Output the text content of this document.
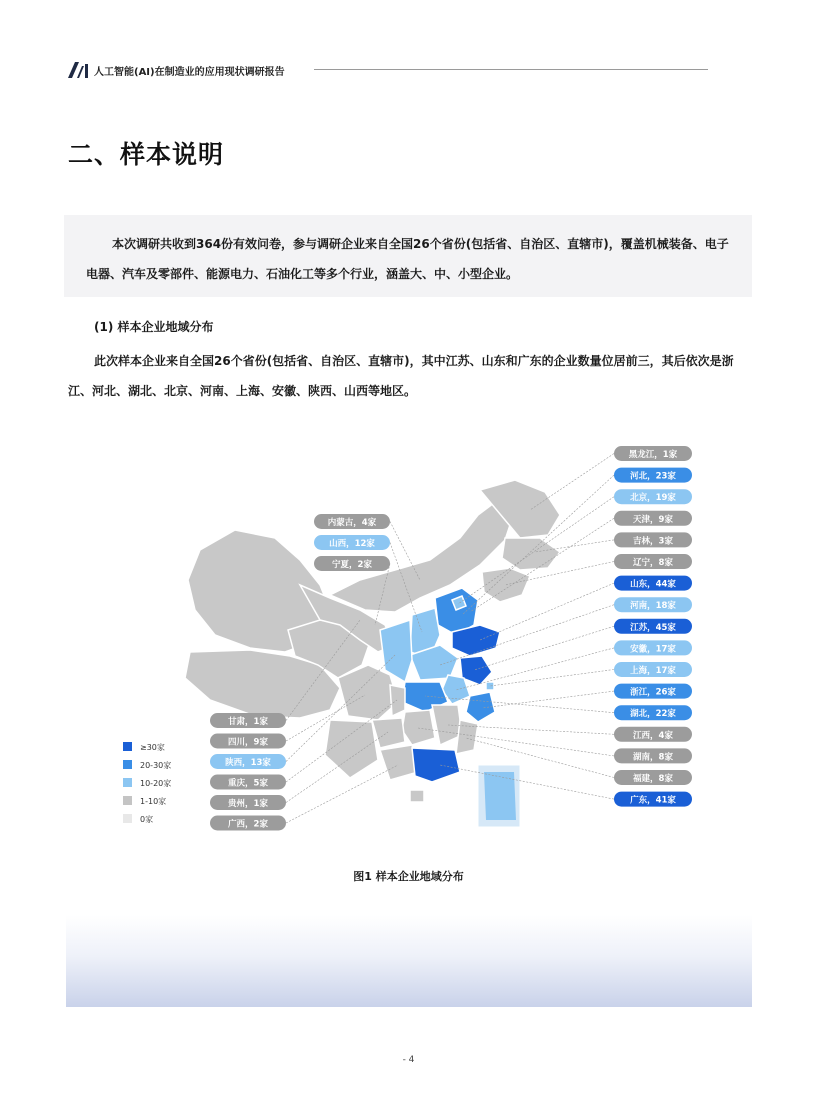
人工智能(AI)在制造业的应用现状调研报告
二、样本说明

本次调研共收到364份有效问卷，参与调研企业来自全国26个省份(包括省、自治区、直辖市)，覆盖机械装备、电子电器、汽车及零部件、能源电力、石油化工等多个行业，涵盖大、中、小型企业。

(1) 样本企业地域分布

此次样本企业来自全国26个省份(包括省、自治区、直辖市)，其中江苏、山东和广东的企业数量位居前三，其后依次是浙江、河北、湖北、北京、河南、上海、安徽、陕西、山西等地区。

黑龙江，1家
河北，23家
北京，19家
天津，9家
吉林，3家
辽宁，8家
山东，44家
河南，18家
江苏，45家
安徽，17家
上海，17家
浙江，26家
湖北，22家
江西，4家
湖南，8家
福建，8家
广东，41家
内蒙古，4家
山西，12家
宁夏，2家
甘肃，1家
四川，9家
陕西，13家
重庆，5家
贵州，1家
广西，2家
≥30家
20-30家
10-20家
1-10家
0家
图1 样本企业地域分布
- 4
